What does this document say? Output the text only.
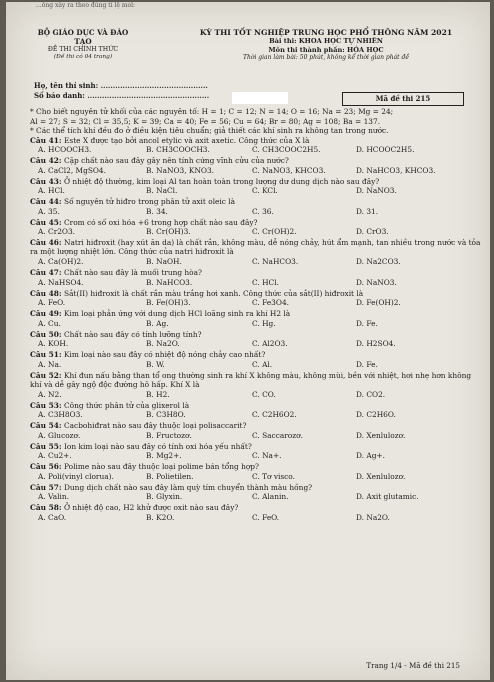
...ông xây ra theo đúng tỉ lệ mol:
BỘ GIÁO DỤC VÀ ĐÀO TẠO
ĐỀ THI CHÍNH THỨC
(Đề thi có 04 trang)
KỲ THI TỐT NGHIỆP TRUNG HỌC PHỔ THÔNG NĂM 2021
Bài thi: KHOA HỌC TỰ NHIÊN
Môn thi thành phần: HÓA HỌC
Thời gian làm bài: 50 phút, không kể thời gian phát đề
Họ, tên thí sinh: ............................................
Số báo danh: ..................................................	Mã đề thi 215
* Cho biết nguyên tử khối của các nguyên tố: H = 1; C = 12; N = 14; O = 16; Na = 23; Mg = 24;
Al = 27; S = 32; Cl = 35,5; K = 39; Ca = 40; Fe = 56; Cu = 64; Br = 80; Ag = 108; Ba = 137.
* Các thể tích khí đều đo ở điều kiện tiêu chuẩn; giả thiết các khí sinh ra không tan trong nước.
Câu 41: Este X được tạo bởi ancol etylic và axit axetic. Công thức của X là
A. HCOOCH3.	B. CH3COOCH3.	C. CH3COOC2H5.	D. HCOOC2H5.
Câu 42: Cặp chất nào sau đây gây nên tính cứng vĩnh cửu của nước?
A. CaCl2, MgSO4.	B. NaNO3, KNO3.	C. NaNO3, KHCO3.	D. NaHCO3, KHCO3.
Câu 43: Ở nhiệt độ thường, kim loại Al tan hoàn toàn trong lượng dư dung dịch nào sau đây?
A. HCl.	B. NaCl.	C. KCl.	D. NaNO3.
Câu 44: Số nguyên tử hiđro trong phân tử axit oleic là
A. 35.	B. 34.	C. 36.	D. 31.
Câu 45: Crom có số oxi hóa +6 trong hợp chất nào sau đây?
A. Cr2O3.	B. Cr(OH)3.	C. Cr(OH)2.	D. CrO3.
Câu 46: Natri hiđroxit (hay xút ăn da) là chất rắn, không màu, dễ nóng chảy, hút ẩm mạnh, tan nhiều trong nước và tỏa ra một lượng nhiệt lớn. Công thức của natri hiđroxit là
A. Ca(OH)2.	B. NaOH.	C. NaHCO3.	D. Na2CO3.
Câu 47: Chất nào sau đây là muối trung hòa?
A. NaHSO4.	B. NaHCO3.	C. HCl.	D. NaNO3.
Câu 48: Sắt(II) hiđroxit là chất rắn màu trắng hơi xanh. Công thức của sắt(II) hiđroxit là
A. FeO.	B. Fe(OH)3.	C. Fe3O4.	D. Fe(OH)2.
Câu 49: Kim loại phản ứng với dung dịch HCl loãng sinh ra khí H2 là
A. Cu.	B. Ag.	C. Hg.	D. Fe.
Câu 50: Chất nào sau đây có tính lưỡng tính?
A. KOH.	B. Na2O.	C. Al2O3.	D. H2SO4.
Câu 51: Kim loại nào sau đây có nhiệt độ nóng chảy cao nhất?
A. Na.	B. W.	C. Al.	D. Fe.
Câu 52: Khí đun nấu bằng than tổ ong thường sinh ra khí X không màu, không mùi, bền với nhiệt, hơi nhẹ hơn không khí và dễ gây ngộ độc đường hô hấp. Khí X là
A. N2.	B. H2.	C. CO.	D. CO2.
Câu 53: Công thức phân tử của glixerol là
A. C3H8O3.	B. C3H8O.	C. C2H6O2.	D. C2H6O.
Câu 54: Cacbohiđrat nào sau đây thuộc loại polisaccarit?
A. Glucozơ.	B. Fructozơ.	C. Saccarozơ.	D. Xenlulozơ.
Câu 55: Ion kim loại nào sau đây có tính oxi hóa yếu nhất?
A. Cu2+.	B. Mg2+.	C. Na+.	D. Ag+.
Câu 56: Polime nào sau đây thuộc loại polime bán tổng hợp?
A. Poli(vinyl clorua).	B. Polietilen.	C. Tơ visco.	D. Xenlulozơ.
Câu 57: Dung dịch chất nào sau đây làm quỳ tím chuyển thành màu hồng?
A. Valin.	B. Glyxin.	C. Alanin.	D. Axit glutamic.
Câu 58: Ở nhiệt độ cao, H2 khử được oxit nào sau đây?
A. CaO.	B. K2O.	C. FeO.	D. Na2O.
Trang 1/4 - Mã đề thi 215
